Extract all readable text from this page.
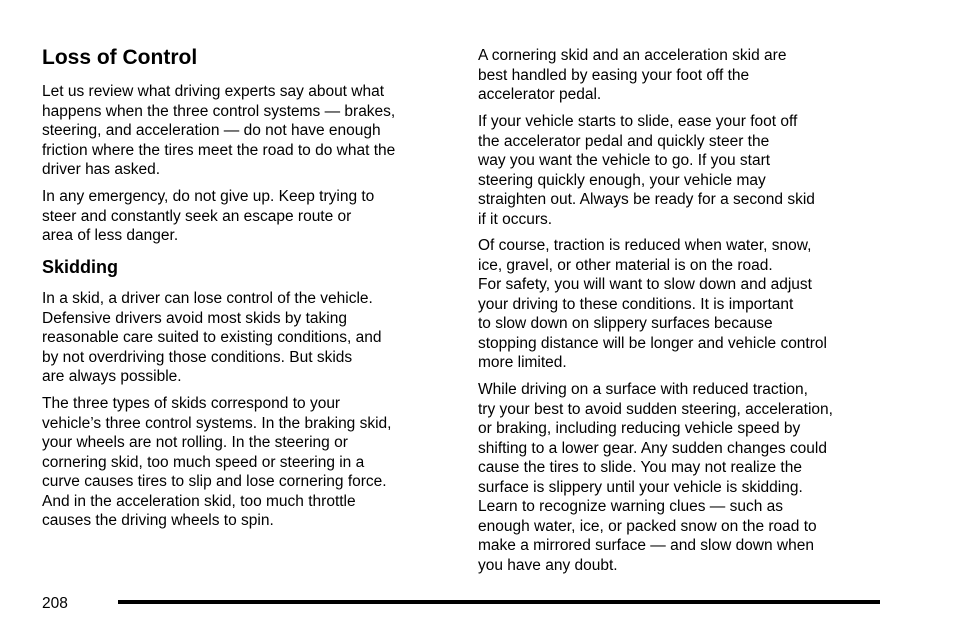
Loss of Control

Let us review what driving experts say about what
happens when the three control systems — brakes,
steering, and acceleration — do not have enough
friction where the tires meet the road to do what the
driver has asked.

In any emergency, do not give up. Keep trying to
steer and constantly seek an escape route or
area of less danger.

Skidding

In a skid, a driver can lose control of the vehicle.
Defensive drivers avoid most skids by taking
reasonable care suited to existing conditions, and
by not overdriving those conditions. But skids
are always possible.

The three types of skids correspond to your
vehicle’s three control systems. In the braking skid,
your wheels are not rolling. In the steering or
cornering skid, too much speed or steering in a
curve causes tires to slip and lose cornering force.
And in the acceleration skid, too much throttle
causes the driving wheels to spin.

A cornering skid and an acceleration skid are
best handled by easing your foot off the
accelerator pedal.

If your vehicle starts to slide, ease your foot off
the accelerator pedal and quickly steer the
way you want the vehicle to go. If you start
steering quickly enough, your vehicle may
straighten out. Always be ready for a second skid
if it occurs.

Of course, traction is reduced when water, snow,
ice, gravel, or other material is on the road.
For safety, you will want to slow down and adjust
your driving to these conditions. It is important
to slow down on slippery surfaces because
stopping distance will be longer and vehicle control
more limited.

While driving on a surface with reduced traction,
try your best to avoid sudden steering, acceleration,
or braking, including reducing vehicle speed by
shifting to a lower gear. Any sudden changes could
cause the tires to slide. You may not realize the
surface is slippery until your vehicle is skidding.
Learn to recognize warning clues — such as
enough water, ice, or packed snow on the road to
make a mirrored surface — and slow down when
you have any doubt.

208
